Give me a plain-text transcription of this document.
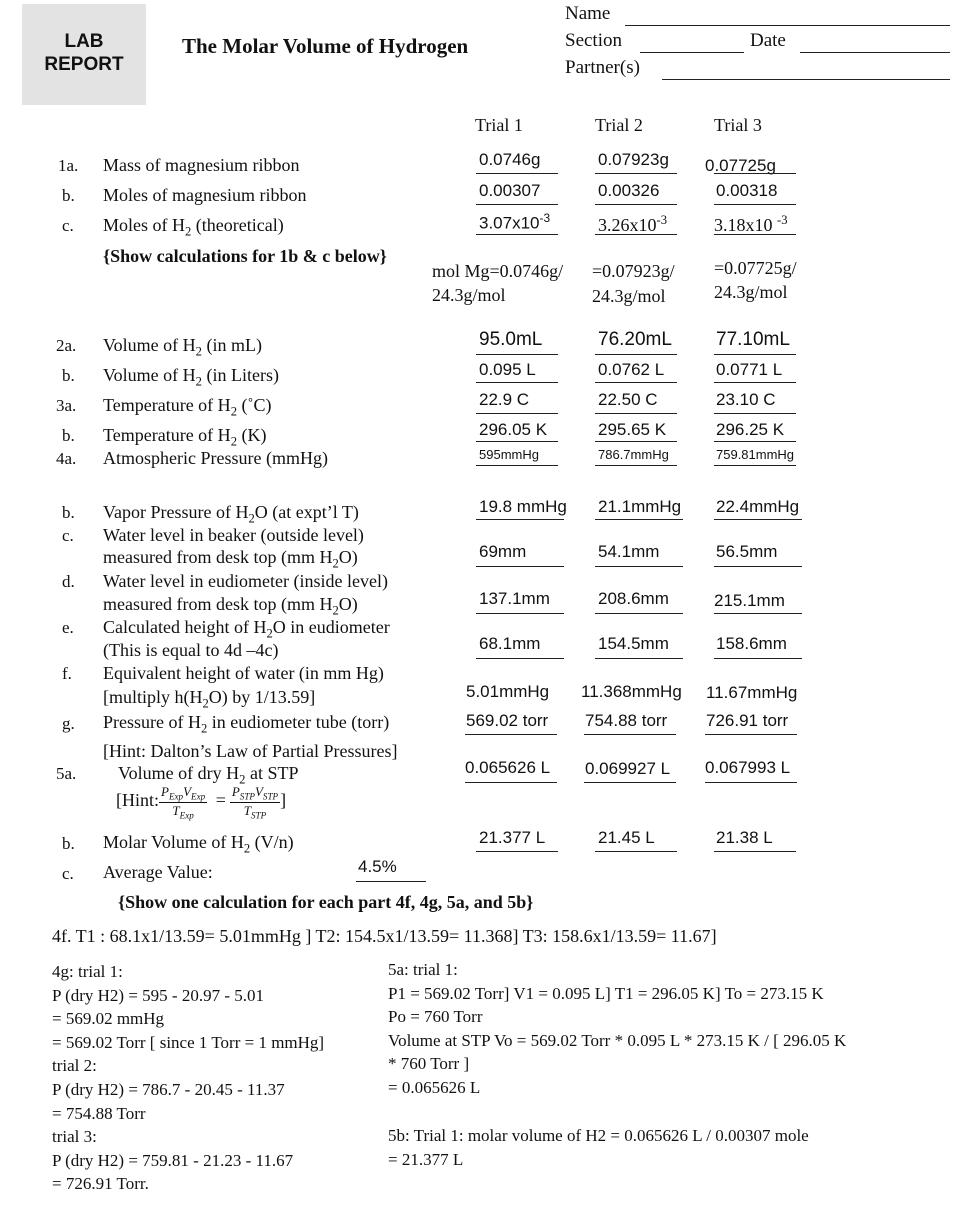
LAB
REPORT
The Molar Volume of Hydrogen
Name
Section	Date
Partner(s)
Trial 1	Trial 2	Trial 3
1a. Mass of magnesium ribbon	0.0746g	0.07923g 0.07725g
b. Moles of magnesium ribbon	0.00307	0.00326	0.00318
c. Moles of $H_2$ (theoretical)	$3.07x10^{-3}$	$3.26x10^{-3}$	3.18x10 $^{-3}$
{Show calculations for 1b & c below}
mol Mg=0.0746g/
24.3g/mol
=0.07923g/
24.3g/mol
=0.07725g/
24.3g/mol
2a. Volume of $H_2$ (in mL)	95.0mL	76.20mL 77.10mL
b. Volume of $H_2$ (in Liters)	0.095 L	0.0762 L	0.0771 L
3a. Temperature of $H_2$ (˚C)	22.9 C	22.50 C	23.10 C
b. Temperature of $H_2$ (K)	296.05 K	295.65 K	296.25 K
4a. Atmospheric Pressure (mmHg)	595mmHg	786.7mmHg	759.81mmHg
b. Vapor Pressure of $H_2O$ (at expt’l T)	19.8 mmHg 21.1mmHg 22.4mmHg
c. Water level in beaker (outside level)
measured from desk top (mm $H_2O$)	69mm	54.1mm	56.5mm
d. Water level in eudiometer (inside level)
measured from desk top (mm $H_2O$)	137.1mm	208.6mm	215.1mm
e. Calculated height of $H_2O$ in eudiometer
(This is equal to 4d –4c)	68.1mm	154.5mm	158.6mm
f. Equivalent height of water (in mm Hg)
[multiply $h(H_2O)$ by 1/13.59]	5.01mmHg 11.368mmHg 11.67mmHg
g. Pressure of $H_2$ in eudiometer tube (torr)
[Hint: Dalton’s Law of Partial Pressures]
569.02 torr 754.88 torr 726.91 torr
5a. Volume of dry $H_2$ at STP
[Hint: $\frac{P_{Exp}V_{Exp}}{T_{Exp}} = \frac{P_{STP}V_{STP}}{T_{STP}}$ ]
0.065626 L 0.069927 L 0.067993 L
b. Molar Volume of $H_2$ (V/n)	21.377 L	21.45 L	21.38 L
c. Average Value:	4.5%
{Show one calculation for each part 4f, 4g, 5a, and 5b}
4f. T1 : 68.1x1/13.59= 5.01mmHg ] T2: 154.5x1/13.59= 11.368] T3: 158.6x1/13.59= 11.67]
4g: trial 1:
P (dry H2) = 595 - 20.97 - 5.01
= 569.02 mmHg
= 569.02 Torr [ since 1 Torr = 1 mmHg]
trial 2:
P (dry H2) = 786.7 - 20.45 - 11.37
= 754.88 Torr
trial 3:
P (dry H2) = 759.81 - 21.23 - 11.67
= 726.91 Torr.
5a: trial 1:
P1 = 569.02 Torr] V1 = 0.095 L] T1 = 296.05 K] To = 273.15 K
Po = 760 Torr
Volume at STP Vo = 569.02 Torr * 0.095 L * 273.15 K / [ 296.05 K
* 760 Torr ]
= 0.065626 L
5b: Trial 1: molar volume of H2 = 0.065626 L / 0.00307 mole
= 21.377 L
